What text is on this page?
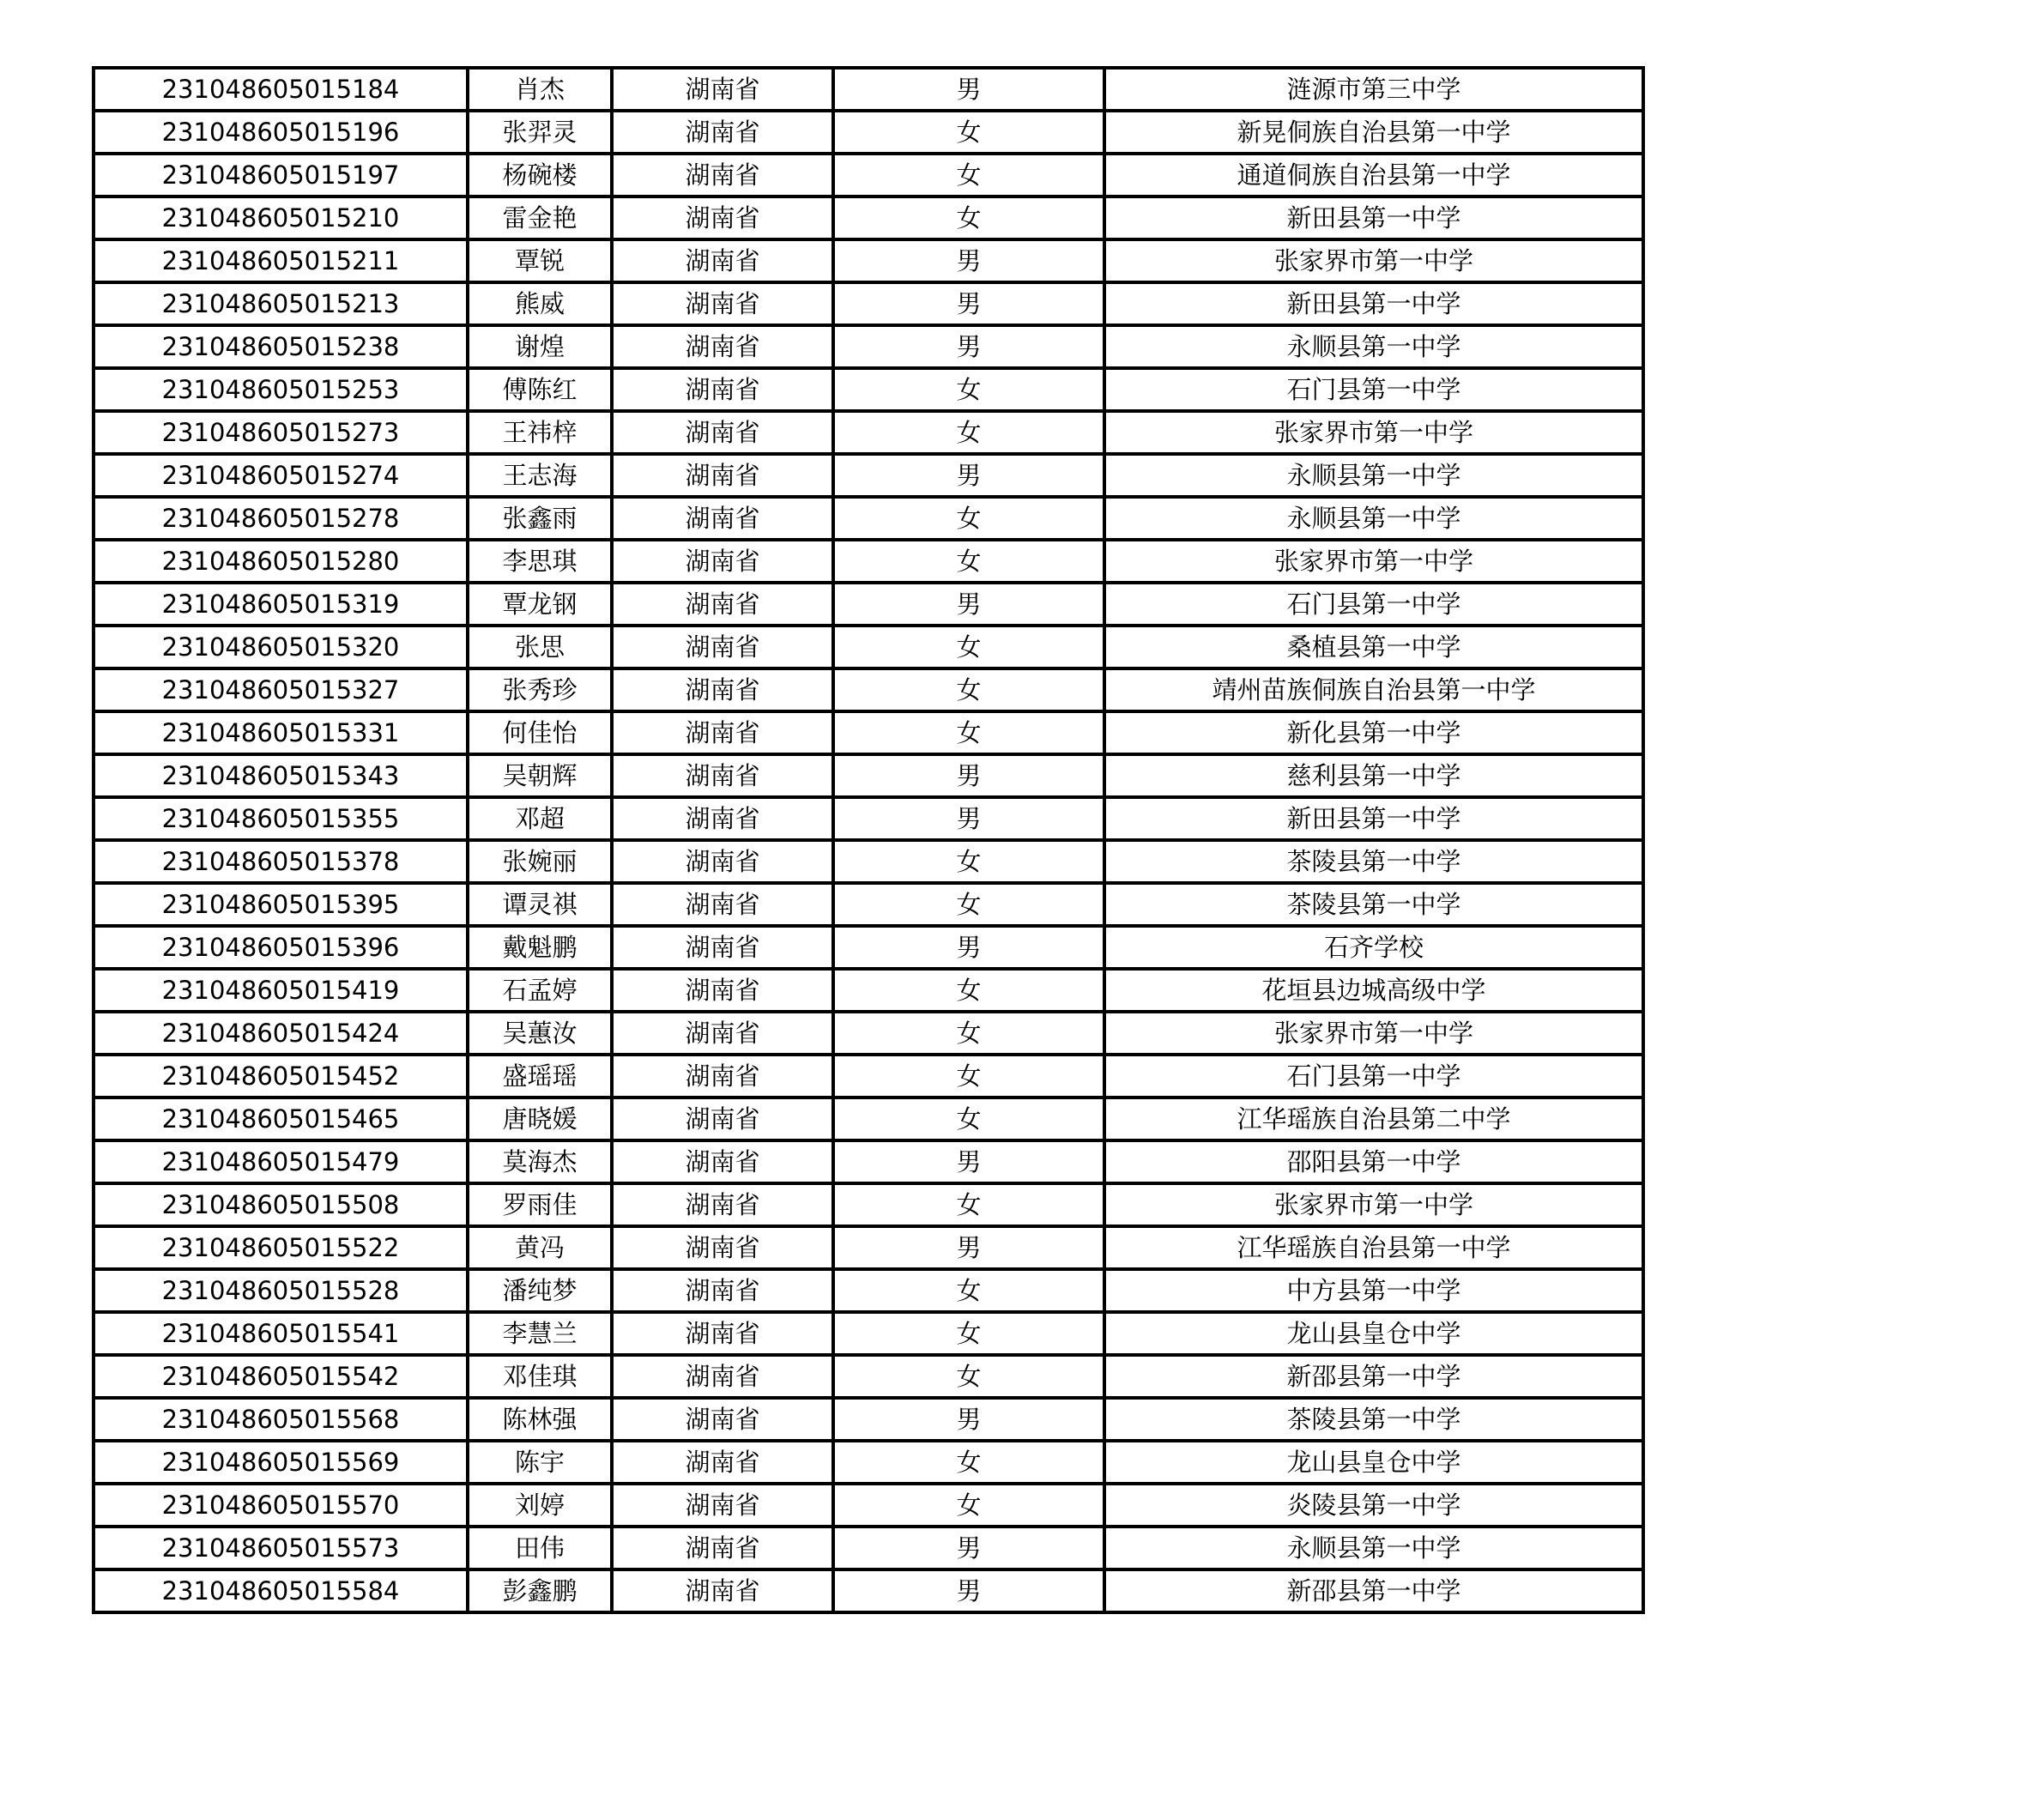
231048605015184	肖杰	湖南省	男	涟源市第三中学
231048605015196	张羿灵	湖南省	女	新晃侗族自治县第一中学
231048605015197	杨碗楼	湖南省	女	通道侗族自治县第一中学
231048605015210	雷金艳	湖南省	女	新田县第一中学
231048605015211	覃锐	湖南省	男	张家界市第一中学
231048605015213	熊威	湖南省	男	新田县第一中学
231048605015238	谢煌	湖南省	男	永顺县第一中学
231048605015253	傅陈红	湖南省	女	石门县第一中学
231048605015273	王祎梓	湖南省	女	张家界市第一中学
231048605015274	王志海	湖南省	男	永顺县第一中学
231048605015278	张鑫雨	湖南省	女	永顺县第一中学
231048605015280	李思琪	湖南省	女	张家界市第一中学
231048605015319	覃龙钢	湖南省	男	石门县第一中学
231048605015320	张思	湖南省	女	桑植县第一中学
231048605015327	张秀珍	湖南省	女	靖州苗族侗族自治县第一中学
231048605015331	何佳怡	湖南省	女	新化县第一中学
231048605015343	吴朝辉	湖南省	男	慈利县第一中学
231048605015355	邓超	湖南省	男	新田县第一中学
231048605015378	张婉丽	湖南省	女	茶陵县第一中学
231048605015395	谭灵祺	湖南省	女	茶陵县第一中学
231048605015396	戴魁鹏	湖南省	男	石齐学校
231048605015419	石孟婷	湖南省	女	花垣县边城高级中学
231048605015424	吴蕙汝	湖南省	女	张家界市第一中学
231048605015452	盛瑶瑶	湖南省	女	石门县第一中学
231048605015465	唐晓媛	湖南省	女	江华瑶族自治县第二中学
231048605015479	莫海杰	湖南省	男	邵阳县第一中学
231048605015508	罗雨佳	湖南省	女	张家界市第一中学
231048605015522	黄冯	湖南省	男	江华瑶族自治县第一中学
231048605015528	潘纯梦	湖南省	女	中方县第一中学
231048605015541	李慧兰	湖南省	女	龙山县皇仓中学
231048605015542	邓佳琪	湖南省	女	新邵县第一中学
231048605015568	陈林强	湖南省	男	茶陵县第一中学
231048605015569	陈宇	湖南省	女	龙山县皇仓中学
231048605015570	刘婷	湖南省	女	炎陵县第一中学
231048605015573	田伟	湖南省	男	永顺县第一中学
231048605015584	彭鑫鹏	湖南省	男	新邵县第一中学
